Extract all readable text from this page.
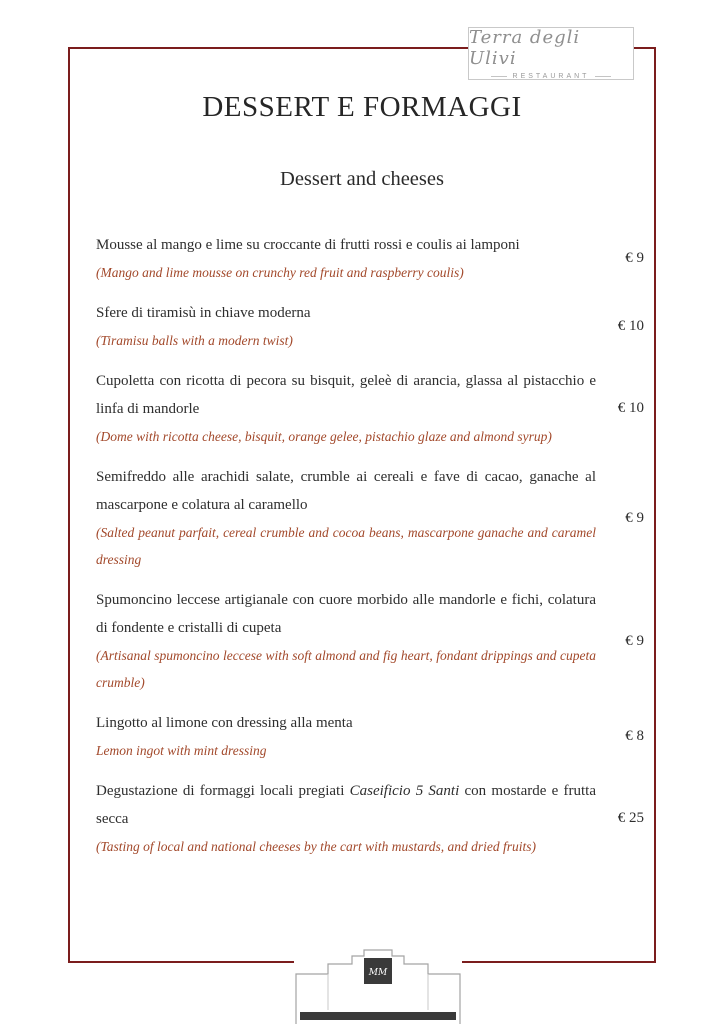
Terra degli Ulivi
RESTAURANT
DESSERT E FORMAGGI
Dessert and cheeses

Mousse al mango e lime su croccante di frutti rossi e coulis ai lamponi

(Mango and lime mousse on crunchy red fruit and raspberry coulis)

€ 9

Sfere di tiramisù in chiave moderna

(Tiramisu balls with a modern twist)

€ 10

Cupoletta con ricotta di pecora su bisquit, geleè di arancia, glassa al pistacchio e linfa di mandorle

(Dome with ricotta cheese, bisquit, orange gelee, pistachio glaze and almond syrup)

€ 10

Semifreddo alle arachidi salate, crumble ai cereali e fave di cacao, ganache al mascarpone e colatura al caramello

(Salted peanut parfait, cereal crumble and cocoa beans, mascarpone ganache and caramel dressing

€ 9

Spumoncino leccese artigianale con cuore morbido alle mandorle e fichi, colatura di fondente e cristalli di cupeta

(Artisanal spumoncino leccese with soft almond and fig heart, fondant drippings and cupeta crumble)

€ 9

Lingotto al limone con dressing alla menta

Lemon ingot with mint dressing

€ 8

Degustazione di formaggi locali pregiati Caseificio 5 Santi con mostarde e frutta secca

(Tasting of local and national cheeses by the cart with mustards, and dried fruits)

€ 25
MM
